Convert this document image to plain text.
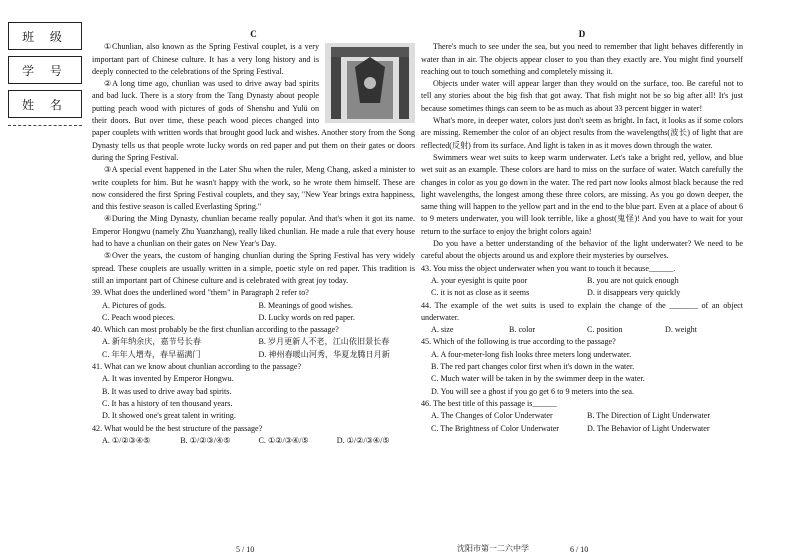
班 级
学 号
姓 名
C

①Chunlian, also known as the Spring Festival couplet, is a very important part of Chinese culture. It has a very long history and is deeply connected to the celebrations of the Spring Festival.

②A long time ago, chunlian was used to drive away bad spirits and bad luck. There is a story from the Tang Dynasty about people putting peach wood with pictures of gods of Shenshu and Yulü on their doors. But over time, these peach wood pieces changed into paper couplets with written words that brought good luck and wishes. Another story from the Song Dynasty tells us that people wrote lucky words on red paper and put them on their gates or doors during the Spring Festival.

③A special event happened in the Later Shu when the ruler, Meng Chang, asked a minister to write couplets for him. But he wasn't happy with the work, so he wrote them himself. These are now considered the first Spring Festival couplets, and they say, "New Year brings extra happiness, and this festive season is called Everlasting Spring."

④During the Ming Dynasty, chunlian became really popular. And that's when it got its name. Emperor Hongwu (namely Zhu Yuanzhang), really liked chunlian. He made a rule that every house had to have a chunlian on their gates on New Year's Day.

⑤Over the years, the custom of hanging chunlian during the Spring Festival has very widely spread. These couplets are usually written in a simple, poetic style on red paper. This tradition is still an important part of Chinese culture and is celebrated with great joy today.

39. What does the underlined word "them" in Paragraph 2 refer to?

A. Pictures of gods.	B. Meanings of good wishes.
C. Peach wood pieces.	D. Lucky words on red paper.

40. Which can most probably be the first chunlian according to the passage?

A. 新年纳余庆，嘉节号长春	B. 岁月更新人不老，江山依旧景长春
C. 年年人增寿，春早福满门	D. 神州春暖山河秀，华夏龙腾日月新

41. What can we know about chunlian according to the passage?

A. It was invented by Emperor Hongwu.
B. It was used to drive away bad spirits.
C. It has a history of ten thousand years.
D. It showed one's great talent in writing.

42. What would be the best structure of the passage?

A. ①/②③④⑤	B. ①/②③/④⑤	C. ①②/③④/⑤	D. ①/②/③④/⑤
D

There's much to see under the sea, but you need to remember that light behaves differently in water than in air. The objects appear closer to you than they exactly are. You might find yourself reaching out to touch something and completely missing it.

Objects under water will appear larger than they would on the surface, too. Be careful not to tell any stories about the big fish that got away. That fish might not be so big after all! It's just because sometimes things can seem to be as much as about 33 percent bigger in water!

What's more, in deeper water, colors just don't seem as bright. In fact, it looks as if some colors are missing. Remember the color of an object results from the wavelengths(波长) of light that are reflected(反射) from its surface. And light is taken in as it moves down through the water.

Swimmers wear wet suits to keep warm underwater. Let's take a bright red, yellow, and blue wet suit as an example. These colors are hard to miss on the surface of water. Watch carefully the changes in color as you go down in the water. The red part now looks almost black because the red light wavelengths, the longest among these three colors, are missing. As you go down deeper, the same thing will happen to the yellow part and in the end to the blue part. Even at a place of about 6 to 9 meters underwater, you will look terrible, like a ghost(鬼怪)! And you have to wait for your return to the surface to enjoy the bright colors again!

Do you have a better understanding of the behavior of the light underwater? We need to be careful about the objects around us and explore their mysteries by ourselves.

43. You miss the object underwater when you want to touch it because______.

A. your eyesight is quite poor	B. you are not quick enough
C. it is not as close as it seems	D. it disappears very quickly

44. The example of the wet suits is used to explain the change of the _______ of an object underwater.

A. size	B. color	C. position	D. weight

45. Which of the following is true according to the passage?

A. A four-meter-long fish looks three meters long underwater.
B. The red part changes color first when it's down in the water.
C. Much water will be taken in by the swimmer deep in the water.
D. You will see a ghost if you go get 6 to 9 meters into the sea.

46. The best title of this passage is______

A. The Changes of Color Underwater	B. The Direction of Light Underwater
C. The Brightness of Color Underwater	D. The Behavior of Light Underwater
5 / 10	沈阳市第一二六中学	6 / 10
